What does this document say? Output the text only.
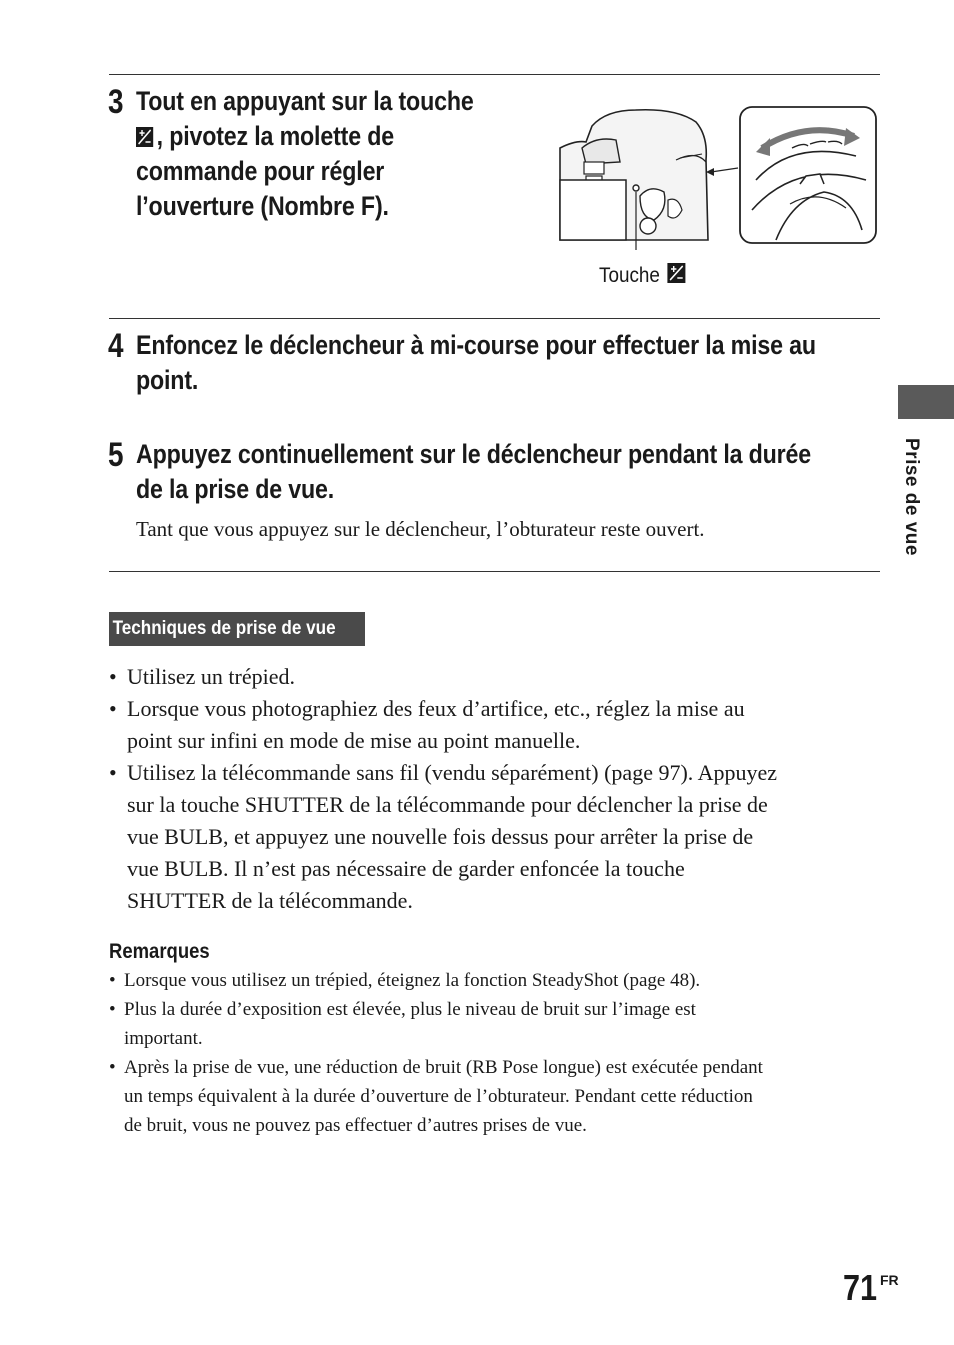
3 Tout en appuyant sur la touche
, pivotez la molette de
commande pour régler
l’ouverture (Nombre F).
Touche
4 Enfoncez le déclencheur à mi-course pour effectuer la mise au
point.
5 Appuyez continuellement sur le déclencheur pendant la durée
de la prise de vue.
Tant que vous appuyez sur le déclencheur, l’obturateur reste ouvert.
Techniques de prise de vue
• Utilisez un trépied.
• Lorsque vous photographiez des feux d’artifice, etc., réglez la mise au
point sur infini en mode de mise au point manuelle.
• Utilisez la télécommande sans fil (vendu séparément) (page 97). Appuyez
sur la touche SHUTTER de la télécommande pour déclencher la prise de
vue BULB, et appuyez une nouvelle fois dessus pour arrêter la prise de
vue BULB. Il n’est pas nécessaire de garder enfoncée la touche
SHUTTER de la télécommande.
Remarques
• Lorsque vous utilisez un trépied, éteignez la fonction SteadyShot (page 48).
• Plus la durée d’exposition est élevée, plus le niveau de bruit sur l’image est
important.
• Après la prise de vue, une réduction de bruit (RB Pose longue) est exécutée pendant
un temps équivalent à la durée d’ouverture de l’obturateur. Pendant cette réduction
de bruit, vous ne pouvez pas effectuer d’autres prises de vue.
Prise de vue
71 FR
